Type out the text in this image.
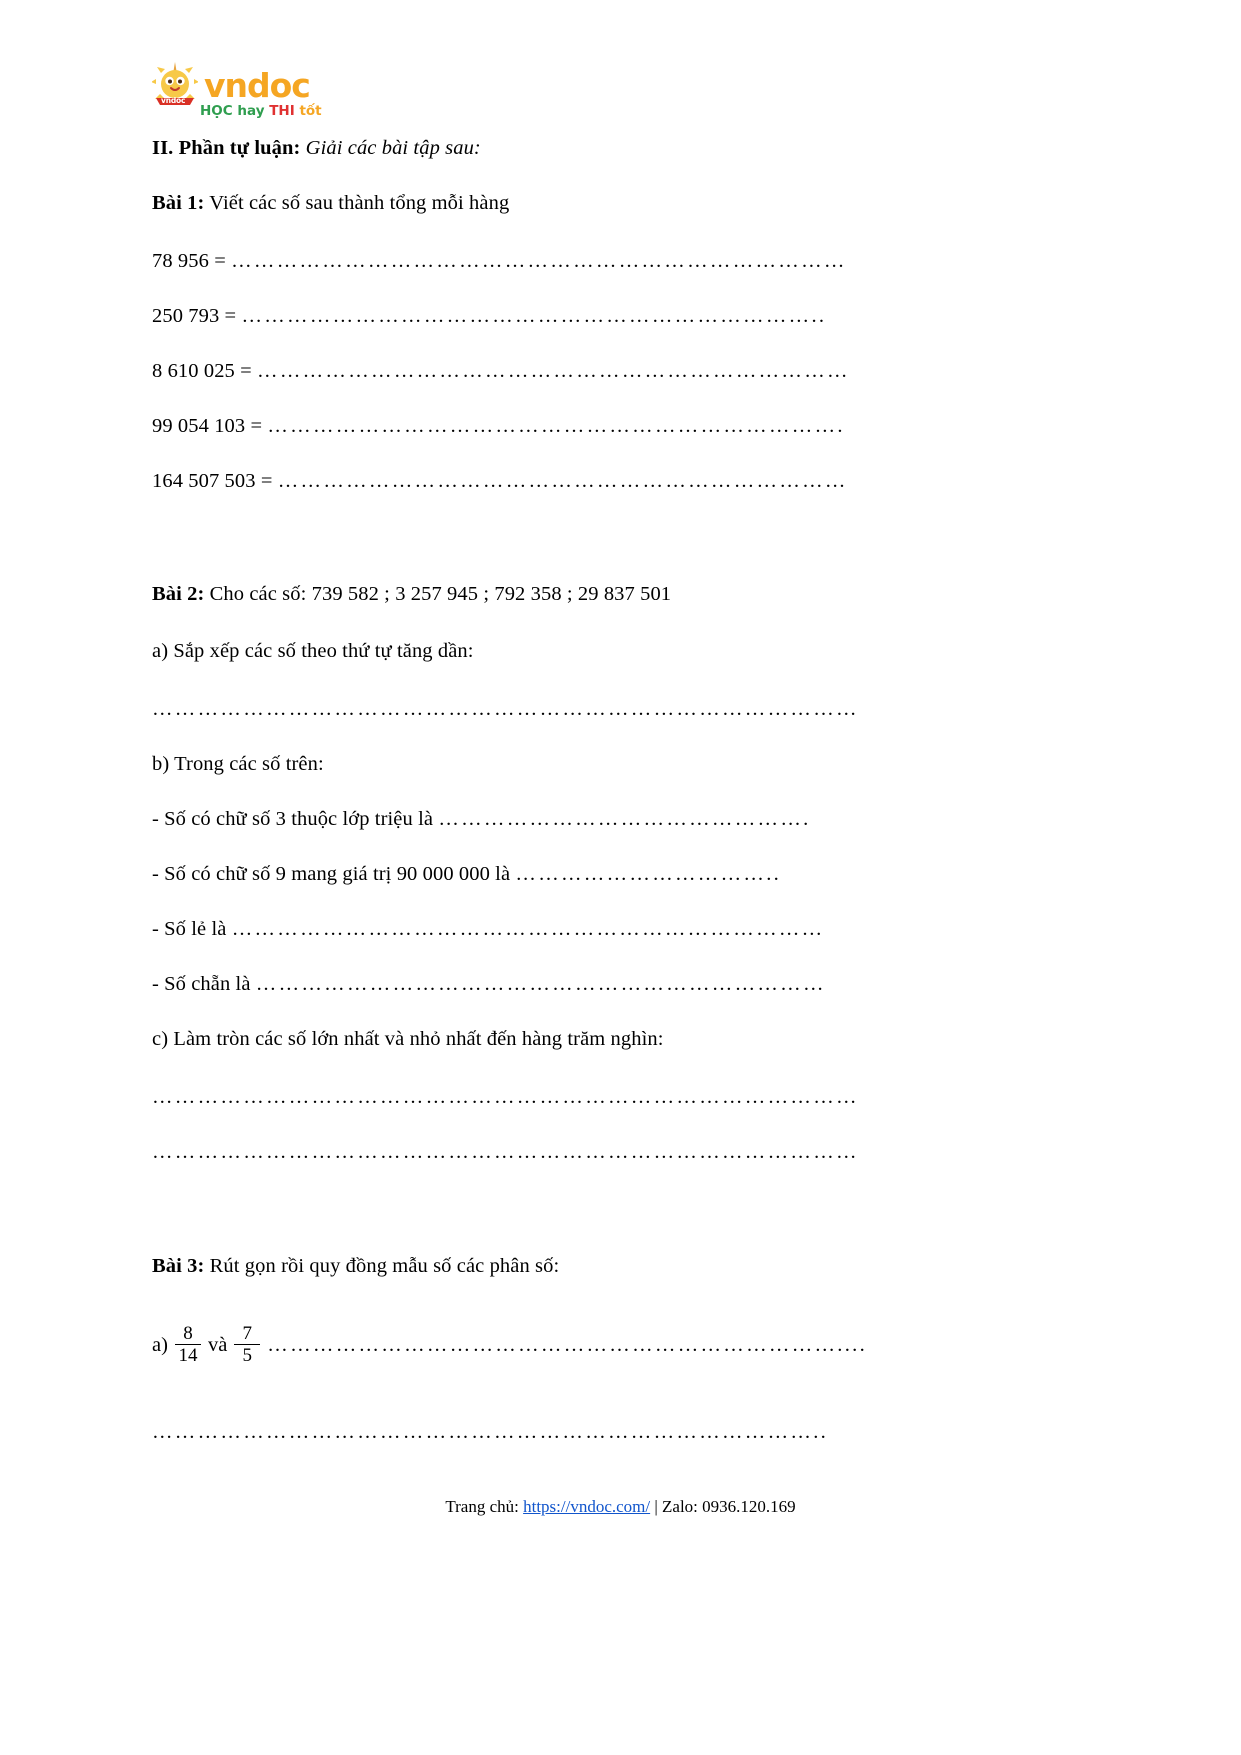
vndoc vndoc
HỌC hay THI tốt
II. Phần tự luận: Giải các bài tập sau:
Bài 1: Viết các số sau thành tổng mỗi hàng
78 956 = ………………………………………………………………………
250 793 = …………………………………………………………………..
8 610 025 = ……………………………………………………………………
99 054 103 = ………………………………………………………………….
164 507 503 = …………………………………………………………………
Bài 2: Cho các số: 739 582 ; 3 257 945 ; 792 358 ; 29 837 501
a) Sắp xếp các số theo thứ tự tăng dần:
…………………………………………………………………………………
b) Trong các số trên:
- Số có chữ số 3 thuộc lớp triệu là ………………………………………….
- Số có chữ số 9 mang giá trị 90 000 000 là ……………………………..
- Số lẻ là ……………………………………………………………………
- Số chẵn là …………………………………………………………………
c) Làm tròn các số lớn nhất và nhỏ nhất đến hàng trăm nghìn:
…………………………………………………………………………………
…………………………………………………………………………………
Bài 3: Rút gọn rồi quy đồng mẫu số các phân số:
$a) \frac{8}{14}$ và $\frac{7}{5}$ …………………………………………………………………....
……………………………………………………………………………..
Trang chủ: https://vndoc.com/ | Zalo: 0936.120.169
